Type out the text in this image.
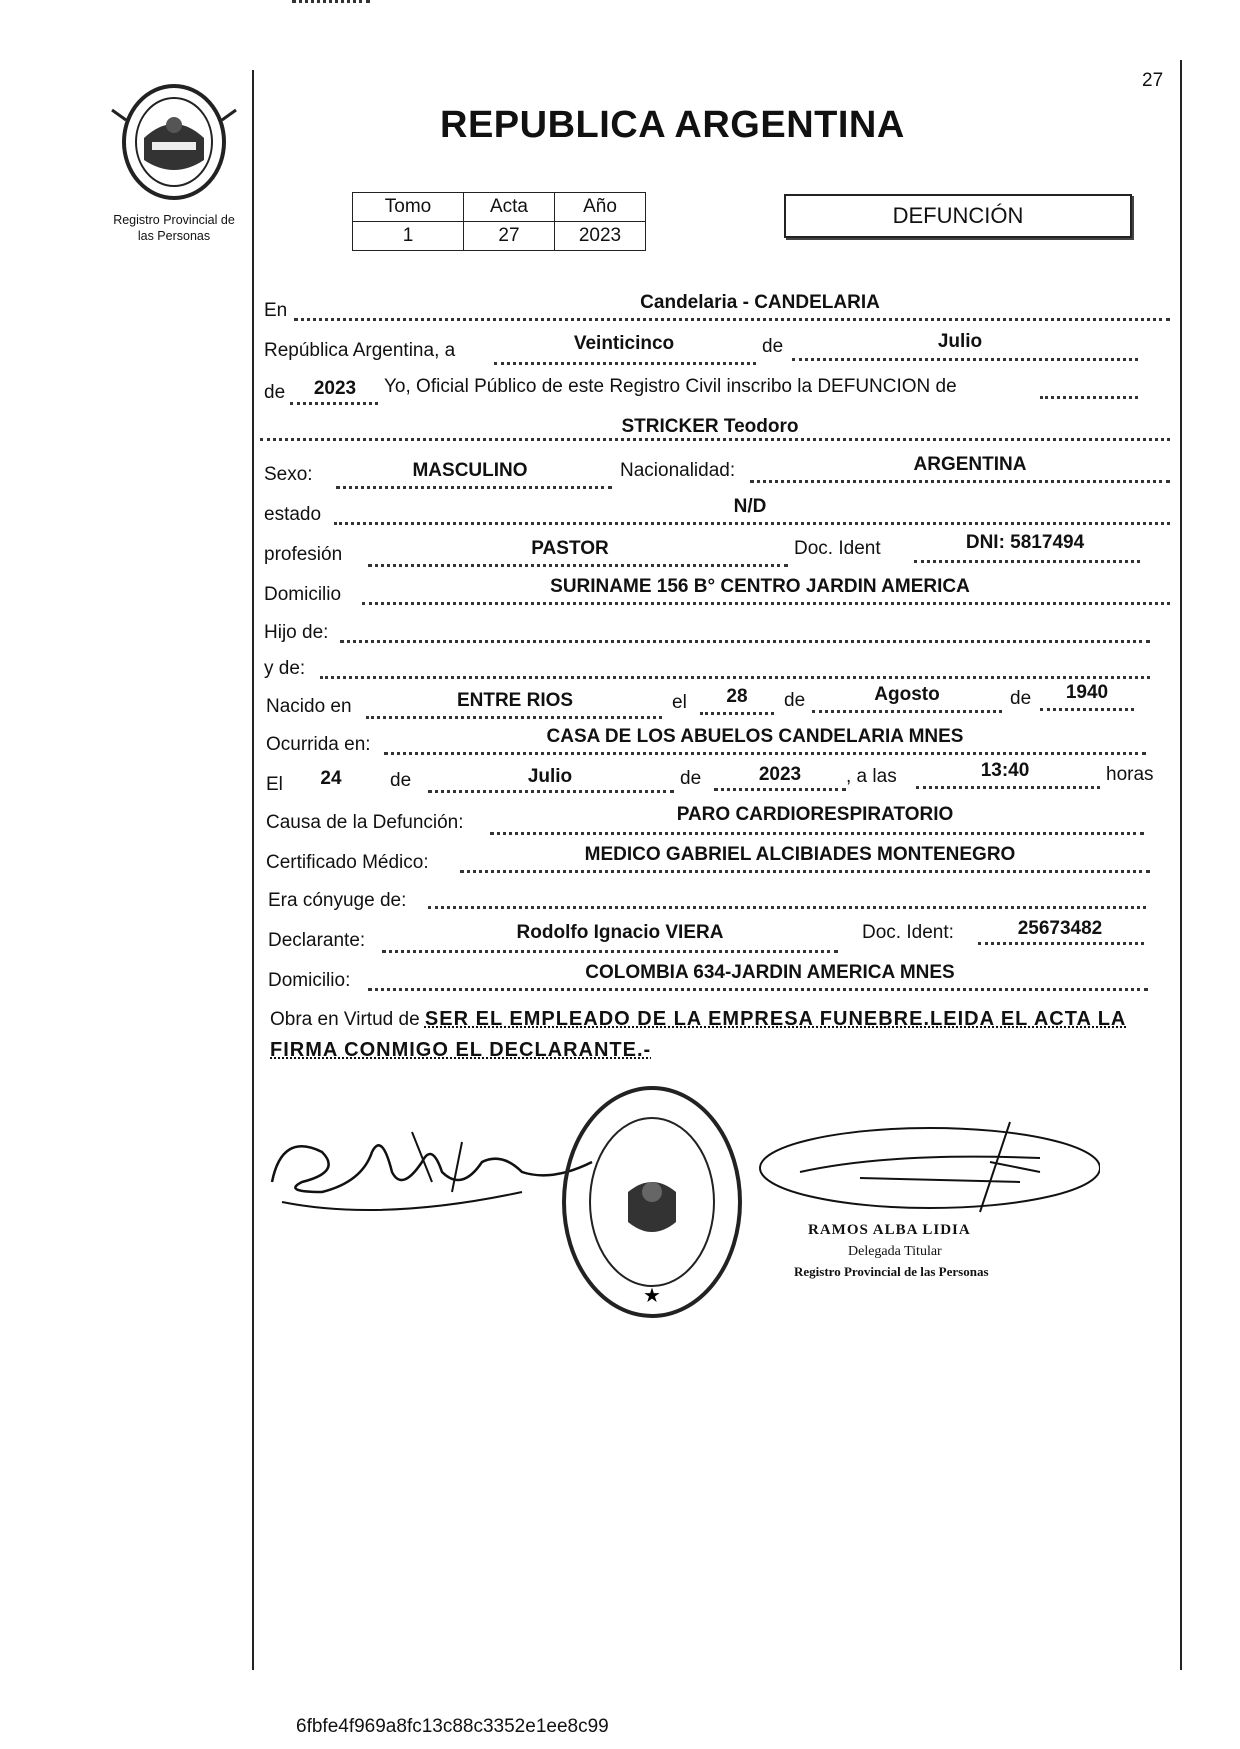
27
Registro Provincial de
las Personas
REPUBLICA ARGENTINA
Tomo	Acta	Año
1	27	2023
DEFUNCIÓN
En	Candelaria - CANDELARIA
República Argentina, a	Veinticinco	de	Julio
de	2023	Yo, Oficial Público de este Registro Civil inscribo la DEFUNCION de
STRICKER Teodoro
Sexo:	MASCULINO	Nacionalidad:	ARGENTINA
estado	N/D
profesión	PASTOR	Doc. Ident	DNI: 5817494
Domicilio	SURINAME 156 B° CENTRO JARDIN AMERICA
Hijo de:
y de:
Nacido en	ENTRE RIOS	el	28	de	Agosto	de	1940
Ocurrida en:	CASA DE LOS ABUELOS CANDELARIA MNES
El	24	de	Julio	de	2023	, a las	13:40	horas
Causa de la Defunción:	PARO CARDIORESPIRATORIO
Certificado Médico:	MEDICO GABRIEL ALCIBIADES MONTENEGRO
Era cónyuge de:
Declarante:	Rodolfo Ignacio VIERA	Doc. Ident:	25673482
Domicilio:	COLOMBIA 634-JARDIN AMERICA MNES
Obra en Virtud de SER EL EMPLEADO DE LA EMPRESA FUNEBRE.LEIDA EL ACTA LA FIRMA CONMIGO EL DECLARANTE.-
★
RAMOS ALBA LIDIA
Delegada Titular
Registro Provincial de las Personas
6fbfe4f969a8fc13c88c3352e1ee8c99
